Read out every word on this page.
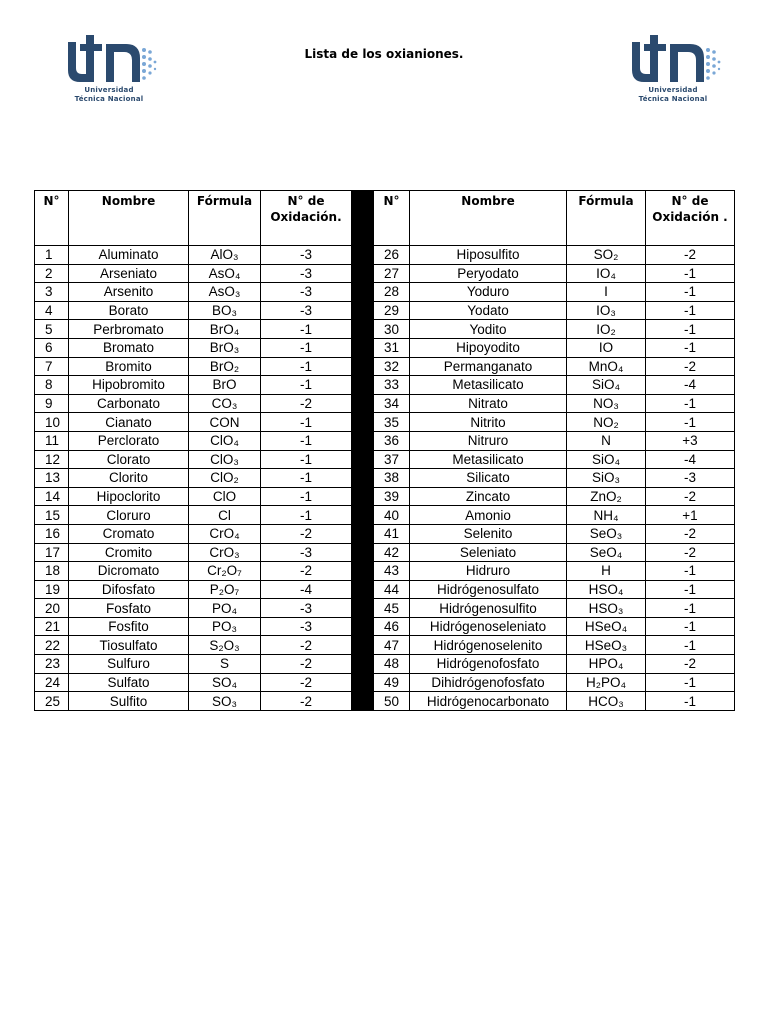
Universidad
Técnica Nacional
Universidad
Técnica Nacional
Lista de los oxianiones.
N°	Nombre	Fórmula	N° de Oxidación.		N°	Nombre	Fórmula	N° de Oxidación .
1	Aluminato	AlO₃	-3		26	Hiposulfito	SO₂	-2
2	Arseniato	AsO₄	-3		27	Peryodato	IO₄	-1
3	Arsenito	AsO₃	-3		28	Yoduro	I	-1
4	Borato	BO₃	-3		29	Yodato	IO₃	-1
5	Perbromato	BrO₄	-1		30	Yodito	IO₂	-1
6	Bromato	BrO₃	-1		31	Hipoyodito	IO	-1
7	Bromito	BrO₂	-1		32	Permanganato	MnO₄	-2
8	Hipobromito	BrO	-1		33	Metasilicato	SiO₄	-4
9	Carbonato	CO₃	-2		34	Nitrato	NO₃	-1
10	Cianato	CON	-1		35	Nitrito	NO₂	-1
11	Perclorato	ClO₄	-1		36	Nitruro	N	+3
12	Clorato	ClO₃	-1		37	Metasilicato	SiO₄	-4
13	Clorito	ClO₂	-1		38	Silicato	SiO₃	-3
14	Hipoclorito	ClO	-1		39	Zincato	ZnO₂	-2
15	Cloruro	Cl	-1		40	Amonio	NH₄	+1
16	Cromato	CrO₄	-2		41	Selenito	SeO₃	-2
17	Cromito	CrO₃	-3		42	Seleniato	SeO₄	-2
18	Dicromato	Cr₂O₇	-2		43	Hidruro	H	-1
19	Difosfato	P₂O₇	-4		44	Hidrógenosulfato	HSO₄	-1
20	Fosfato	PO₄	-3		45	Hidrógenosulfito	HSO₃	-1
21	Fosfito	PO₃	-3		46	Hidrógenoseleniato	HSeO₄	-1
22	Tiosulfato	S₂O₃	-2		47	Hidrógenoselenito	HSeO₃	-1
23	Sulfuro	S	-2		48	Hidrógenofosfato	HPO₄	-2
24	Sulfato	SO₄	-2		49	Dihidrógenofosfato	H₂PO₄	-1
25	Sulfito	SO₃	-2		50	Hidrógenocarbonato	HCO₃	-1
